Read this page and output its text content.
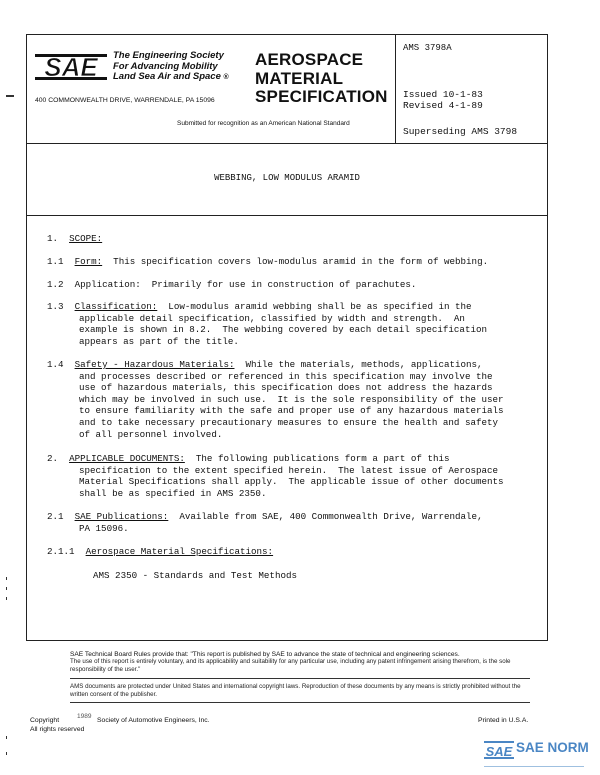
SAE The Engineering Society
For Advancing Mobility
Land Sea Air and Space ®
AEROSPACE
MATERIAL
SPECIFICATION
400 COMMONWEALTH DRIVE, WARRENDALE, PA 15096
Submitted for recognition as an American National Standard
AMS 3798A
Issued 10-1-83
Revised 4-1-89
Superseding AMS 3798
WEBBING, LOW MODULUS ARAMID
1. SCOPE:
1.1 Form:  This specification covers low-modulus aramid in the form of webbing.
1.2 Application:  Primarily for use in construction of parachutes.
1.3 Classification:  Low-modulus aramid webbing shall be as specified in the
applicable detail specification, classified by width and strength.  An
example is shown in 8.2.  The webbing covered by each detail specification
appears as part of the title.
1.4 Safety - Hazardous Materials:  While the materials, methods, applications,
and processes described or referenced in this specification may involve the
use of hazardous materials, this specification does not address the hazards
which may be involved in such use.  It is the sole responsibility of the user
to ensure familiarity with the safe and proper use of any hazardous materials
and to take necessary precautionary measures to ensure the health and safety
of all personnel involved.
2. APPLICABLE DOCUMENTS:  The following publications form a part of this
specification to the extent specified herein.  The latest issue of Aerospace
Material Specifications shall apply.  The applicable issue of other documents
shall be as specified in AMS 2350.
2.1 SAE Publications:  Available from SAE, 400 Commonwealth Drive, Warrendale,
PA 15096.
2.1.1 Aerospace Material Specifications:
AMS 2350 - Standards and Test Methods
SAE Technical Board Rules provide that: "This report is published by SAE to advance the state of technical and engineering sciences.
The use of this report is entirely voluntary, and its applicability and suitability for any particular use, including any patent infringement arising therefrom, is the sole responsibility of the user."
AMS documents are protected under United States and international copyright laws. Reproduction of these documents by any means is strictly prohibited without the written consent of the publisher.
Copyright
1989
Society of Automotive Engineers, Inc.
All rights reserved
Printed in U.S.A.
SAE SAE NORM
